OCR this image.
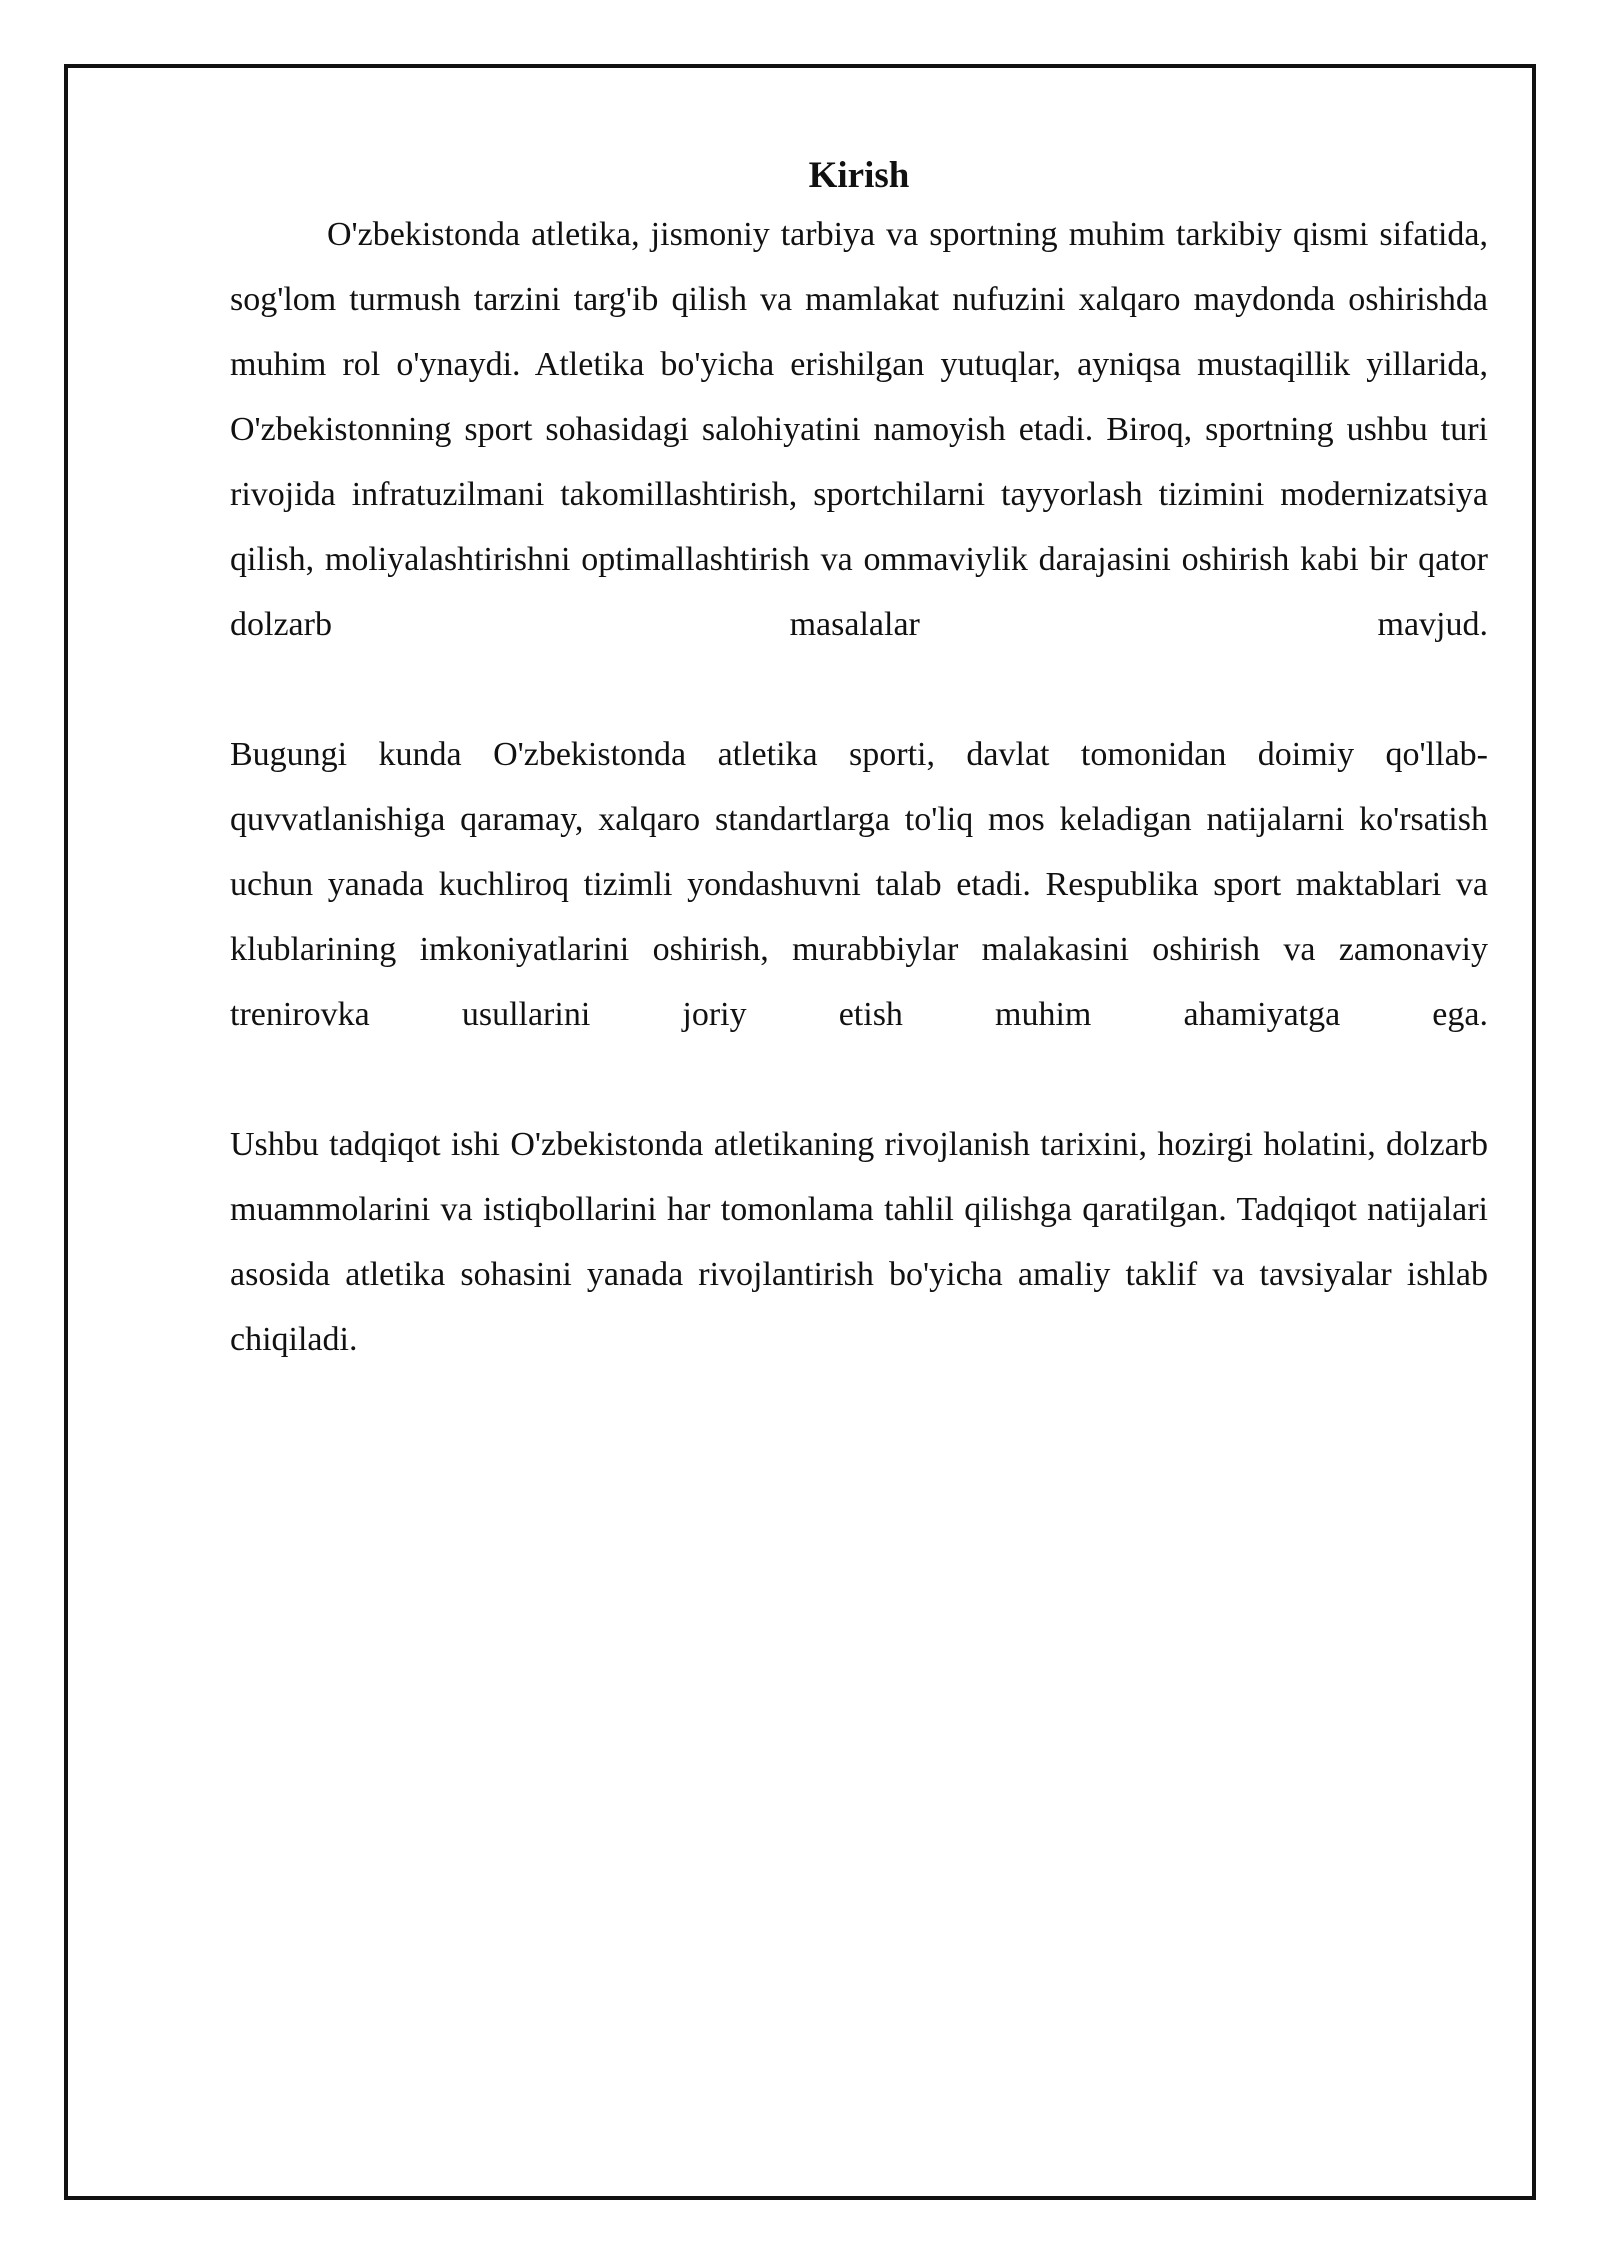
Kirish

O'zbekistonda atletika, jismoniy tarbiya va sportning muhim tarkibiy qismi sifatida, sog'lom turmush tarzini targ'ib qilish va mamlakat nufuzini xalqaro maydonda oshirishda muhim rol o'ynaydi. Atletika bo'yicha erishilgan yutuqlar, ayniqsa mustaqillik yillarida, O'zbekistonning sport sohasidagi salohiyatini namoyish etadi. Biroq, sportning ushbu turi rivojida infratuzilmani takomillashtirish, sportchilarni tayyorlash tizimini modernizatsiya qilish, moliyalashtirishni optimallashtirish va ommaviylik darajasini oshirish kabi bir qator dolzarb masalalar mavjud.

Bugungi kunda O'zbekistonda atletika sporti, davlat tomonidan doimiy qo'llab-quvvatlanishiga qaramay, xalqaro standartlarga to'liq mos keladigan natijalarni ko'rsatish uchun yanada kuchliroq tizimli yondashuvni talab etadi. Respublika sport maktablari va klublarining imkoniyatlarini oshirish, murabbiylar malakasini oshirish va zamonaviy trenirovka usullarini joriy etish muhim ahamiyatga ega.

Ushbu tadqiqot ishi O'zbekistonda atletikaning rivojlanish tarixini, hozirgi holatini, dolzarb muammolarini va istiqbollarini har tomonlama tahlil qilishga qaratilgan. Tadqiqot natijalari asosida atletika sohasini yanada rivojlantirish bo'yicha amaliy taklif va tavsiyalar ishlab chiqiladi.
